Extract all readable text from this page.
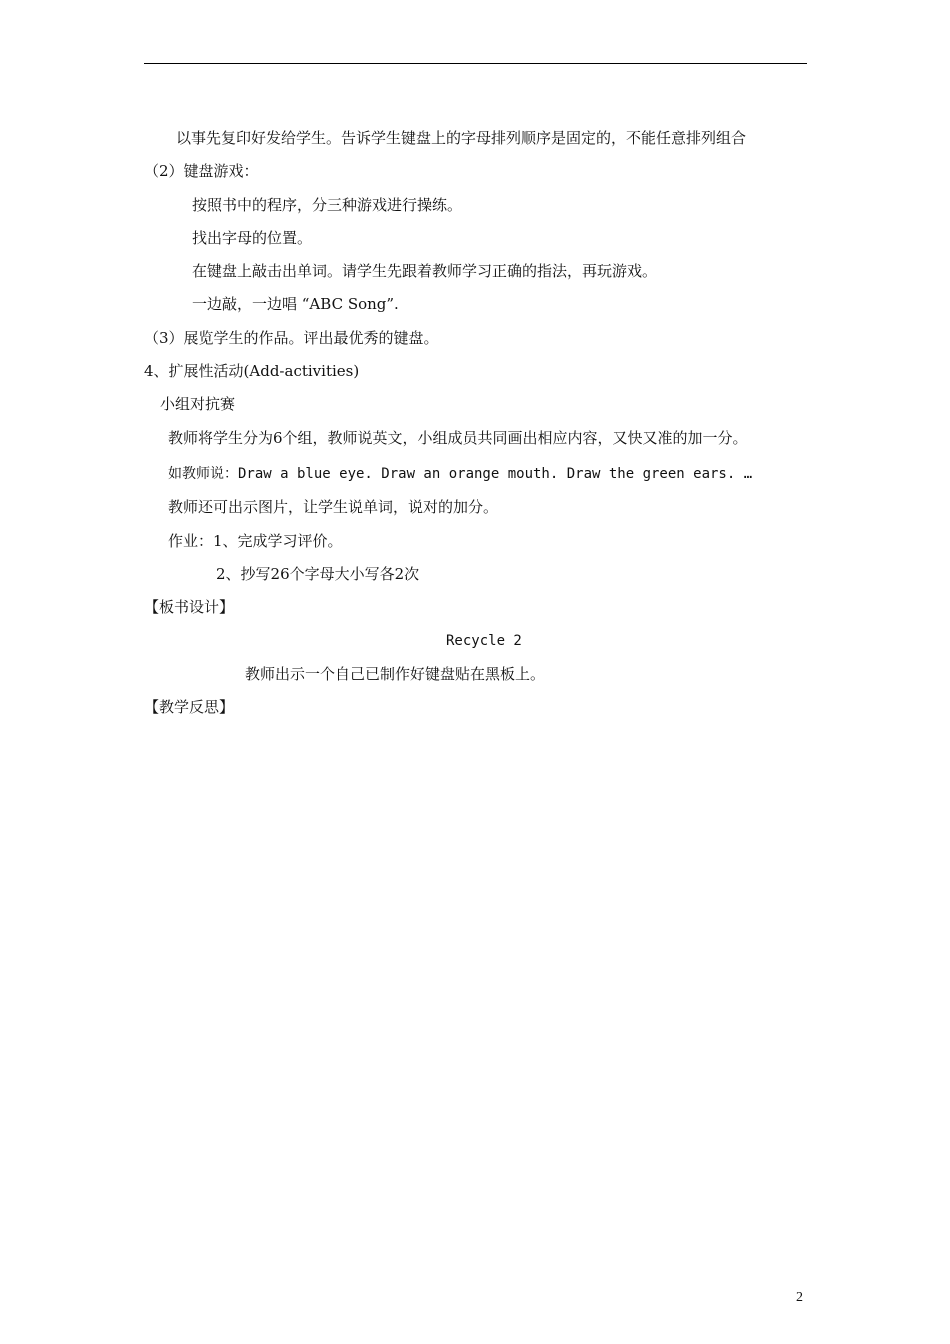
以事先复印好发给学生。告诉学生键盘上的字母排列顺序是固定的，不能任意排列组合
（2）键盘游戏：
按照书中的程序，分三种游戏进行操练。
找出字母的位置。
在键盘上敲击出单词。请学生先跟着教师学习正确的指法，再玩游戏。
一边敲，一边唱 “ABC Song”.
（3）展览学生的作品。评出最优秀的键盘。
4、扩展性活动(Add-activities)
小组对抗赛
教师将学生分为6个组，教师说英文，小组成员共同画出相应内容，又快又准的加一分。
如教师说：Draw a blue eye. Draw an orange mouth. Draw the green ears. …
教师还可出示图片，让学生说单词，说对的加分。
作业：1、完成学习评价。
2、抄写26个字母大小写各2次
【板书设计】
Recycle 2
教师出示一个自己已制作好键盘贴在黑板上。
【教学反思】
2
